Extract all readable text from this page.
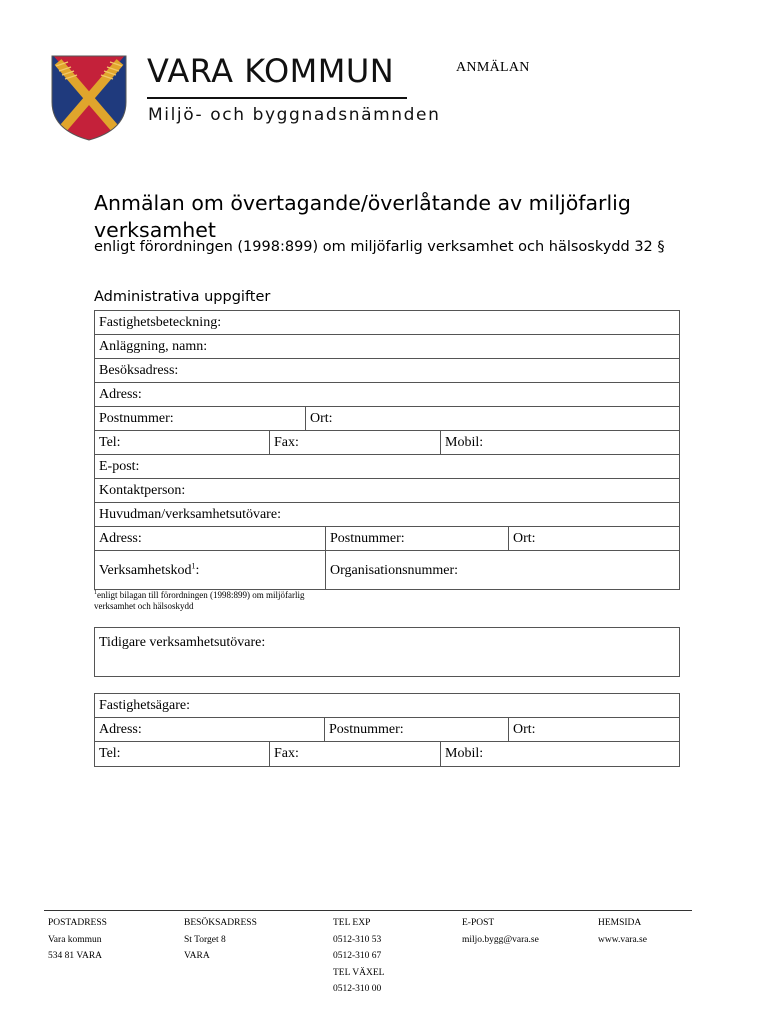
VARA KOMMUN
Miljö- och byggnadsnämnden
ANMÄLAN
Anmälan om övertagande/överlåtande av miljöfarlig verksamhet
enligt förordningen (1998:899) om miljöfarlig verksamhet och hälsoskydd 32 §
Administrativa uppgifter
Fastighetsbeteckning:
Anläggning, namn:
Besöksadress:
Adress:
Postnummer:	Ort:
Tel:	Fax:	Mobil:
E-post:
Kontaktperson:
Huvudman/verksamhetsutövare:
Adress:	Postnummer:	Ort:
Verksamhetskod$^1$:	Organisationsnummer:
$^1$enligt bilagan till förordningen (1998:899) om miljöfarlig verksamhet och hälsoskydd
Tidigare verksamhetsutövare:
Fastighetsägare:
Adress:	Postnummer:	Ort:
Tel:	Fax:	Mobil:
POSTADRESS
Vara kommun
534 81 VARA
BESÖKSADRESS
St Torget 8
VARA
TEL EXP
0512-310 53
0512-310 67
TEL VÄXEL
0512-310 00
E-POST
miljo.bygg@vara.se
HEMSIDA
www.vara.se
